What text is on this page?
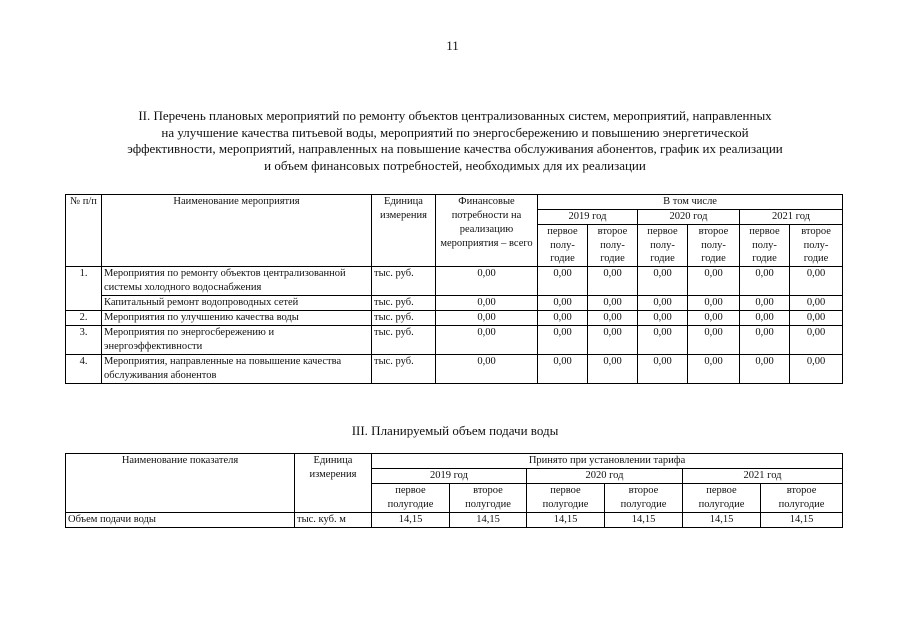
11
II. Перечень плановых мероприятий по ремонту объектов централизованных систем, мероприятий, направленных
на улучшение качества питьевой воды, мероприятий по энергосбережению и повышению энергетической
эффективности, мероприятий, направленных на повышение качества обслуживания абонентов, график их реализации
и объем финансовых потребностей, необходимых для их реализации
№ п/п	Наименование мероприятия	Единица измерения	Финансовые потребности на реализацию мероприятия – всего	В том числе					
				2019 год		2020 год		2021 год	
				первое полу- годие	второе полу- годие	первое полу- годие	второе полу- годие	первое полу- годие	второе полу- годие
1.	Мероприятия по ремонту объектов централизованной системы холодного водоснабжения	тыс. руб.	0,00	0,00	0,00	0,00	0,00	0,00	0,00
	Капитальный ремонт водопроводных сетей	тыс. руб.	0,00	0,00	0,00	0,00	0,00	0,00	0,00
2.	Мероприятия по улучшению качества воды	тыс. руб.	0,00	0,00	0,00	0,00	0,00	0,00	0,00
3.	Мероприятия по энергосбережению и энергоэффективности	тыс. руб.	0,00	0,00	0,00	0,00	0,00	0,00	0,00
4.	Мероприятия, направленные на повышение качества обслуживания абонентов	тыс. руб.	0,00	0,00	0,00	0,00	0,00	0,00	0,00
III. Планируемый объем подачи воды
Наименование показателя	Единица измерения	Принято при установлении тарифа					
		2019 год		2020 год		2021 год	
		первое полугодие	второе полугодие	первое полугодие	второе полугодие	первое полугодие	второе полугодие
Объем подачи воды	тыс. куб. м	14,15	14,15	14,15	14,15	14,15	14,15
